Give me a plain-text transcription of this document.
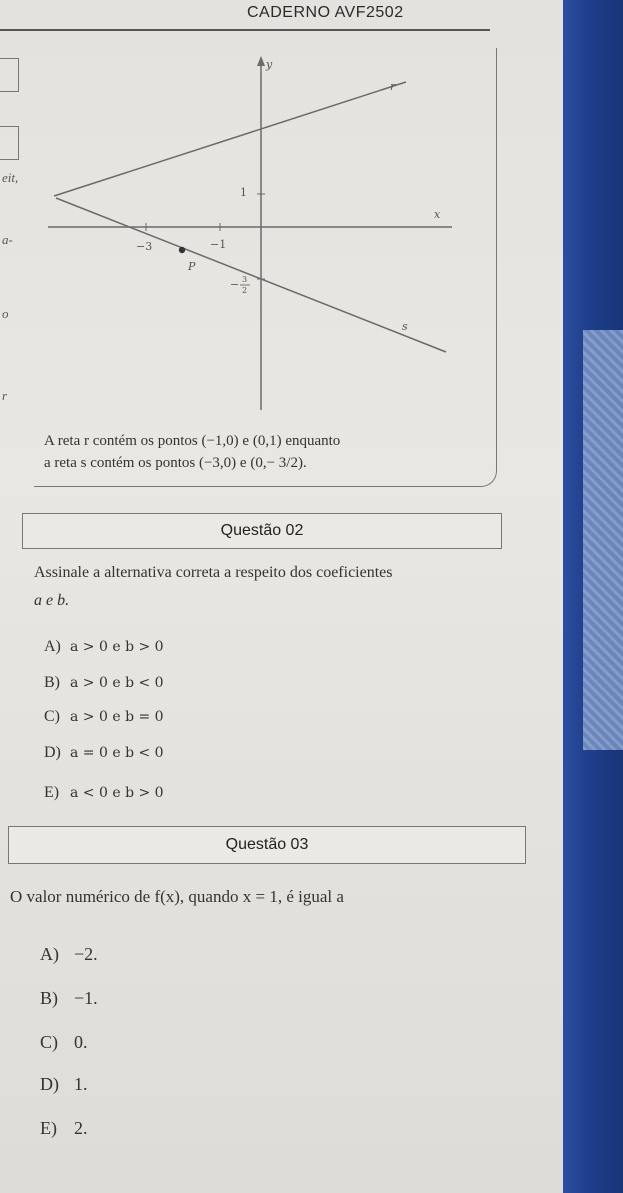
CADERNO AVF2502
eit,
a-
o
r
y
r
x
1
−3	−1
P
− 3
2
s
A reta r contém os pontos (−1,0) e (0,1) enquanto
a reta s contém os pontos (−3,0) e (0,− 3/2).
Questão 02
Assinale a alternativa correta a respeito dos coeficientes
a e b.
A) a > 0 e b > 0
B) a > 0 e b < 0
C) a > 0 e b = 0
D) a = 0 e b < 0
E) a < 0 e b > 0
Questão 03
O valor numérico de f(x), quando x = 1, é igual a
A) −2.
B) −1.
C) 0.
D) 1.
E) 2.
